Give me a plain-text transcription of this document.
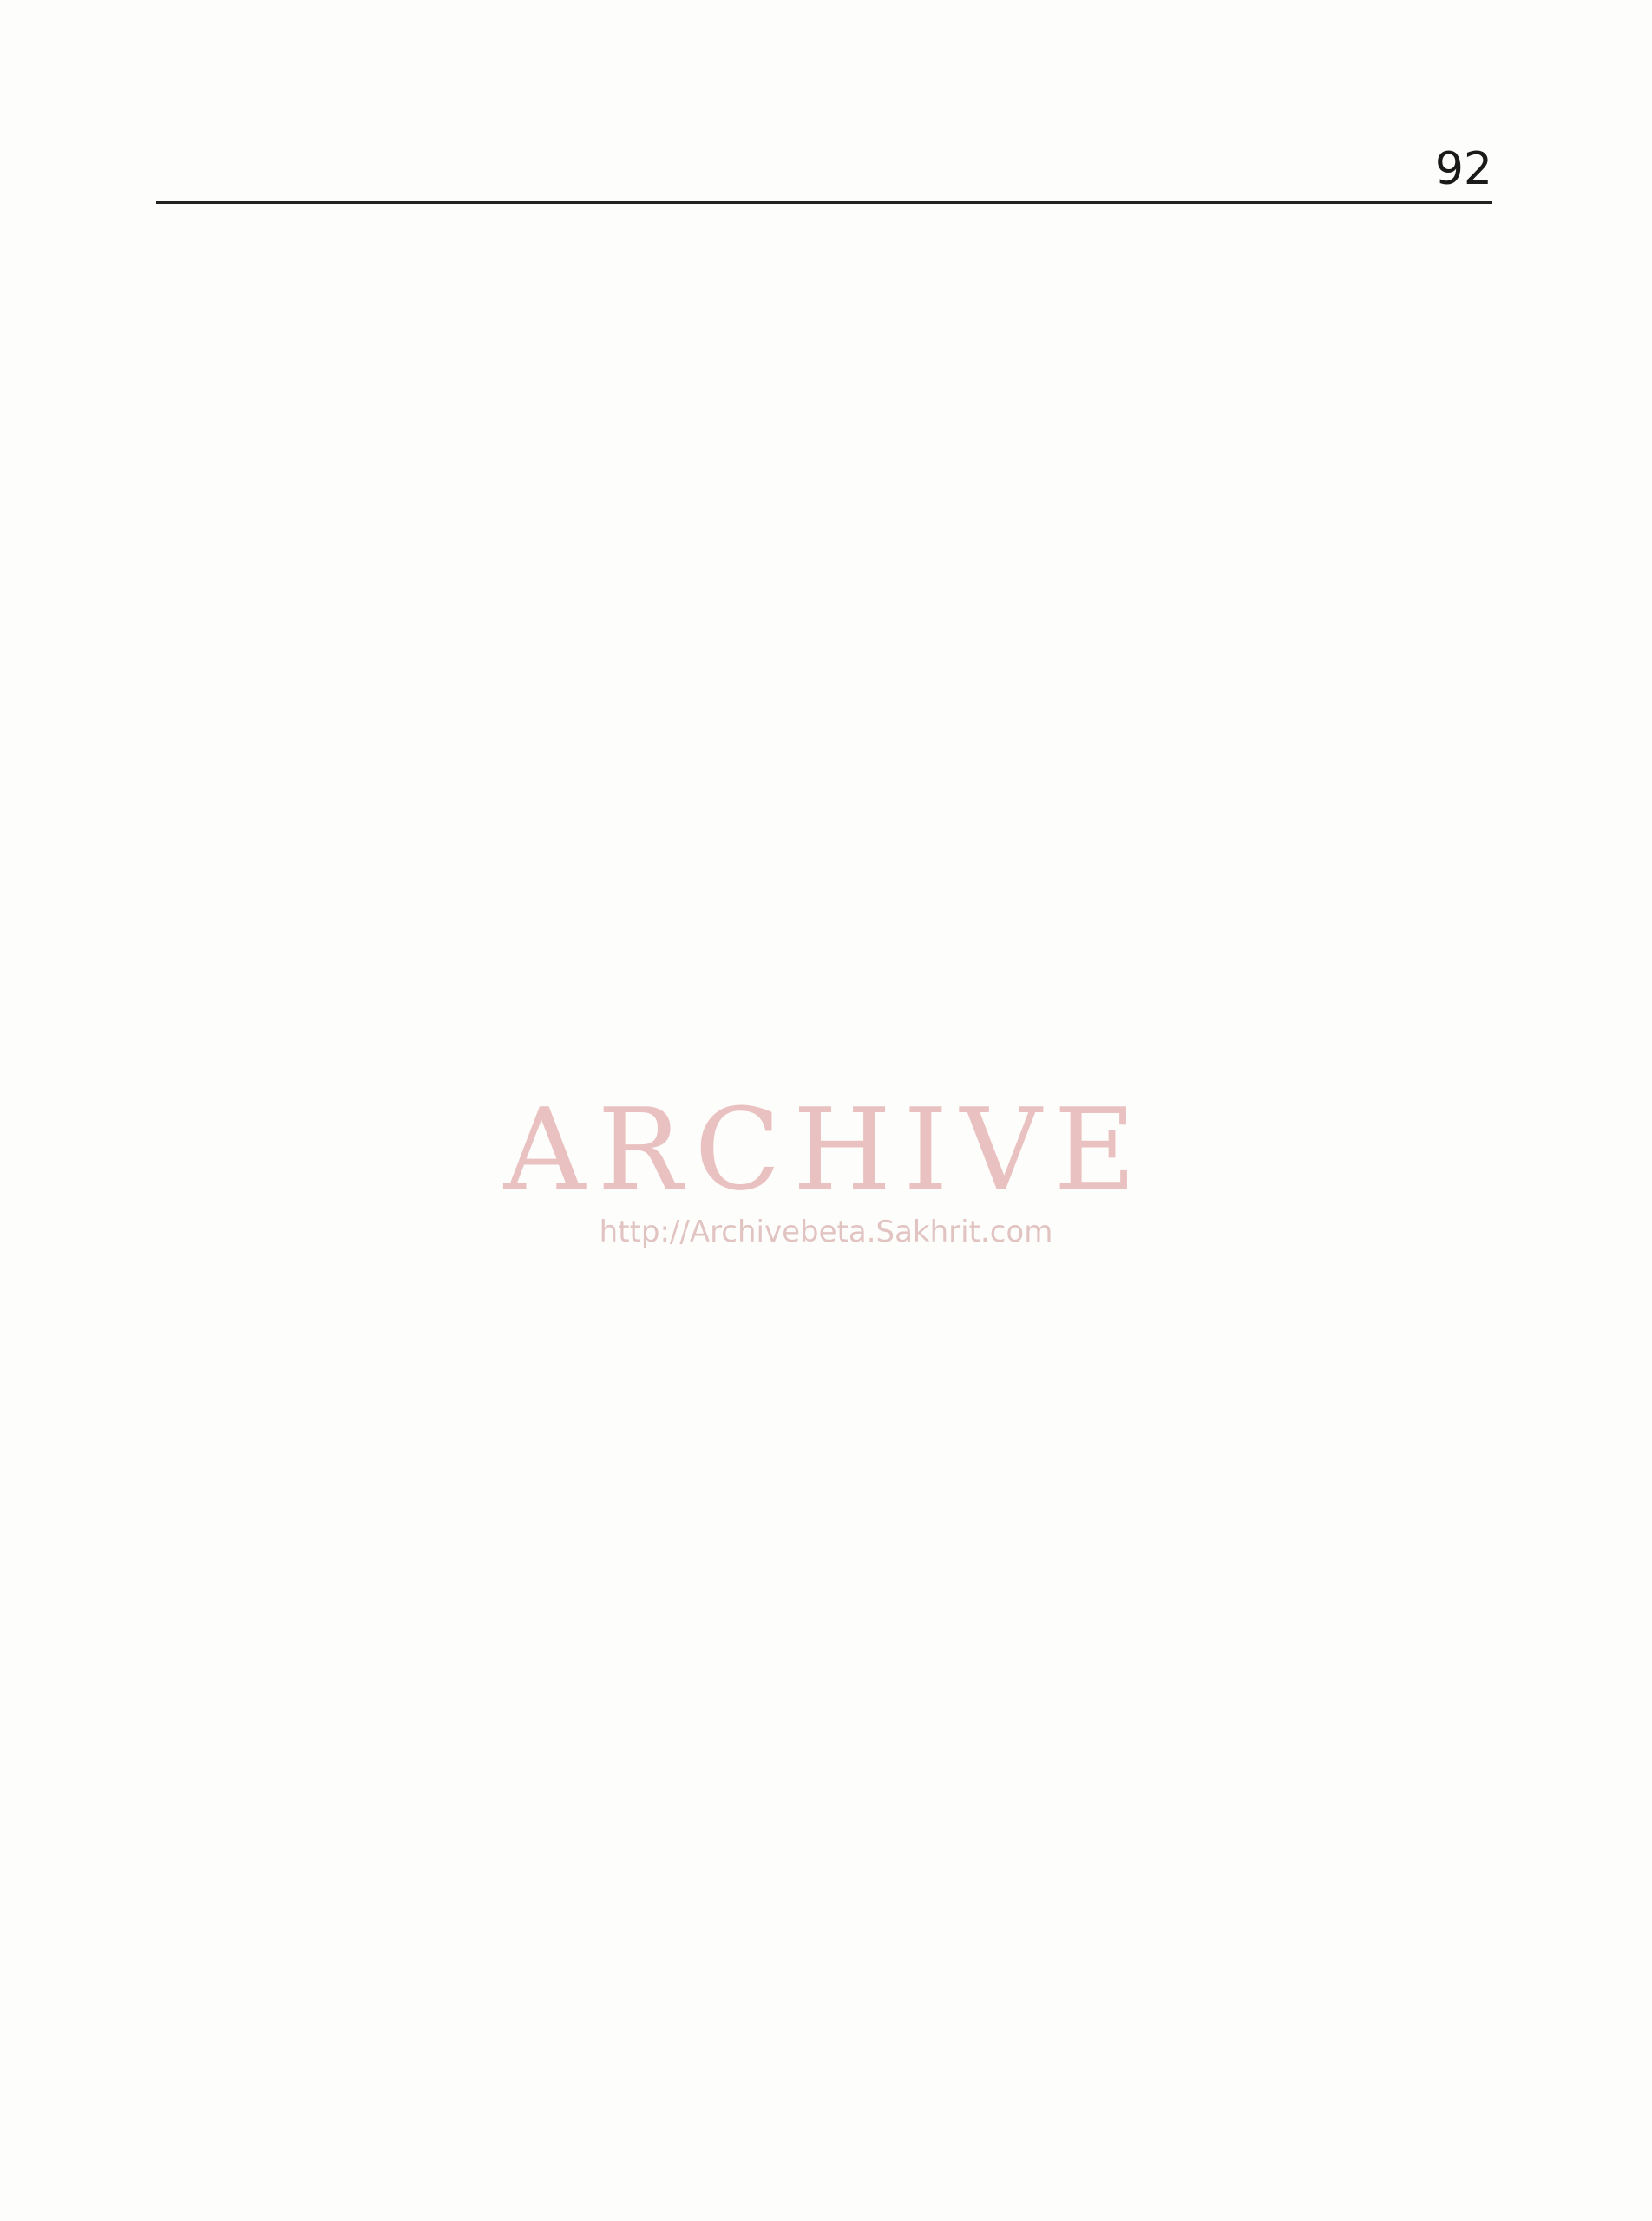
92
ARCHIVE
http://Archivebeta.Sakhrit.com
